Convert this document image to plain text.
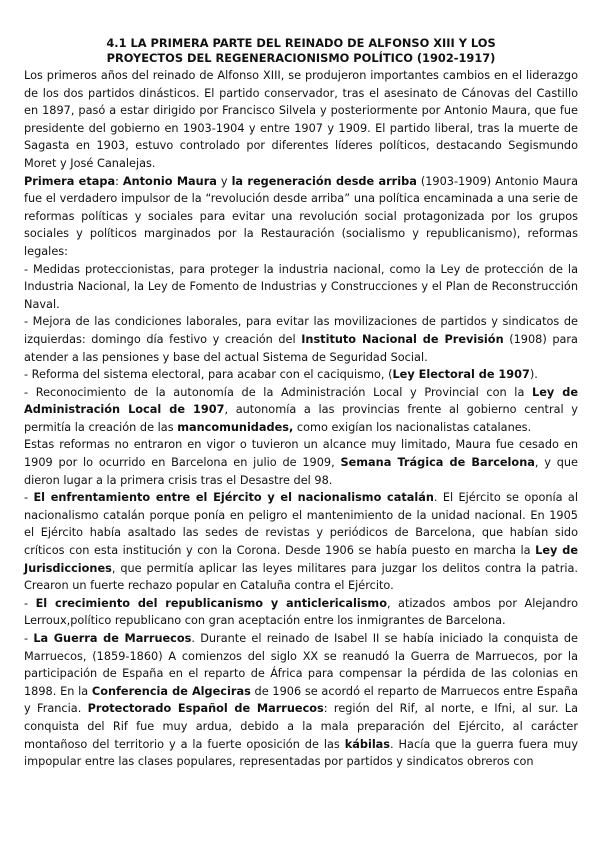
4.1 LA PRIMERA PARTE DEL REINADO DE ALFONSO XIII Y LOS
PROYECTOS DEL REGENERACIONISMO POLÍTICO (1902-1917)

Los primeros años del reinado de Alfonso XIII, se produjeron importantes cambios en el liderazgo de los dos partidos dinásticos. El partido conservador, tras el asesinato de Cánovas del Castillo en 1897, pasó a estar dirigido por Francisco Silvela y posteriormente por Antonio Maura, que fue presidente del gobierno en 1903-1904 y entre 1907 y 1909. El partido liberal, tras la muerte de Sagasta en 1903, estuvo controlado por diferentes líderes políticos, destacando Segismundo Moret y José Canalejas.

Primera etapa: Antonio Maura y la regeneración desde arriba (1903-1909) Antonio Maura fue el verdadero impulsor de la “revolución desde arriba” una política encaminada a una serie de reformas políticas y sociales para evitar una revolución social protagonizada por los grupos sociales y políticos marginados por la Restauración (socialismo y republicanismo), reformas legales:

- Medidas proteccionistas, para proteger la industria nacional, como la Ley de protección de la Industria Nacional, la Ley de Fomento de Industrias y Construcciones y el Plan de Reconstrucción Naval.

- Mejora de las condiciones laborales, para evitar las movilizaciones de partidos y sindicatos de izquierdas: domingo día festivo y creación del Instituto Nacional de Previsión (1908) para atender a las pensiones y base del actual Sistema de Seguridad Social.

- Reforma del sistema electoral, para acabar con el caciquismo, (Ley Electoral de 1907).

- Reconocimiento de la autonomía de la Administración Local y Provincial con la Ley de Administración Local de 1907, autonomía a las provincias frente al gobierno central y permitía la creación de las mancomunidades, como exigían los nacionalistas catalanes.

Estas reformas no entraron en vigor o tuvieron un alcance muy limitado, Maura fue cesado en 1909 por lo ocurrido en Barcelona en julio de 1909, Semana Trágica de Barcelona, y que dieron lugar a la primera crisis tras el Desastre del 98.

- El enfrentamiento entre el Ejército y el nacionalismo catalán. El Ejército se oponía al nacionalismo catalán porque ponía en peligro el mantenimiento de la unidad nacional. En 1905 el Ejército había asaltado las sedes de revistas y periódicos de Barcelona, que habían sido críticos con esta institución y con la Corona. Desde 1906 se había puesto en marcha la Ley de Jurisdicciones, que permitía aplicar las leyes militares para juzgar los delitos contra la patria. Crearon un fuerte rechazo popular en Cataluña contra el Ejército.

- El crecimiento del republicanismo y anticlericalismo, atizados ambos por Alejandro Lerroux,político republicano con gran aceptación entre los inmigrantes de Barcelona.

- La Guerra de Marruecos. Durante el reinado de Isabel II se había iniciado la conquista de Marruecos, (1859-1860) A comienzos del siglo XX se reanudó la Guerra de Marruecos, por la participación de España en el reparto de África para compensar la pérdida de las colonias en 1898. En la Conferencia de Algeciras de 1906 se acordó el reparto de Marruecos entre España y Francia. Protectorado Español de Marruecos: región del Rif, al norte, e Ifni, al sur. La conquista del Rif fue muy ardua, debido a la mala preparación del Ejército, al carácter montañoso del territorio y a la fuerte oposición de las kábilas. Hacía que la guerra fuera muy impopular entre las clases populares, representadas por partidos y sindicatos obreros con
